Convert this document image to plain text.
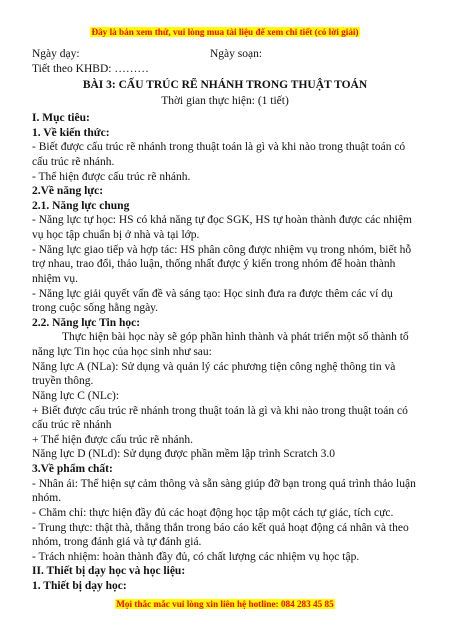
Đây là bản xem thử, vui lòng mua tài liệu để xem chi tiết (có lời giải)
Ngày dạy:	Ngày soạn:
Tiết theo KHBD: ………
BÀI 3: CẤU TRÚC RẼ NHÁNH TRONG THUẬT TOÁN
Thời gian thực hiện: (1 tiết)
I. Mục tiêu:
1. Về kiến thức:
- Biết được cấu trúc rẽ nhánh trong thuật toán là gì và khi nào trong thuật toán có
cấu trúc rẽ nhánh.
- Thể hiện được cấu trúc rẽ nhánh.
2.Về năng lực:
2.1. Năng lực chung
- Năng lực tự học: HS có khả năng tự đọc SGK, HS tự hoàn thành được các nhiệm
vụ học tập chuẩn bị ở nhà và tại lớp.
- Năng lực giao tiếp và hợp tác: HS phân công được nhiệm vụ trong nhóm, biết hỗ
trợ nhau, trao đổi, thảo luận, thống nhất được ý kiến trong nhóm để hoàn thành
nhiệm vụ.
- Năng lực giải quyết vấn đề và sáng tạo: Học sinh đưa ra được thêm các ví dụ
trong cuộc sống hằng ngày.
2.2. Năng lực Tin học:
Thực hiện bài học này sẽ góp phần hình thành và phát triển một số thành tố
năng lực Tin học của học sinh như sau:
Năng lực A (NLa): Sử dụng và quản lý các phương tiện công nghệ thông tin và
truyền thông.
Năng lực C (NLc):
+ Biết được cấu trúc rẽ nhánh trong thuật toán là gì và khi nào trong thuật toán có
cấu trúc rẽ nhánh
+ Thể hiện được cấu trúc rẽ nhánh.
Năng lực D (NLd): Sử dụng được phần mềm lập trình Scratch 3.0
3.Về phẩm chất:
- Nhân ái: Thể hiện sự cảm thông và sẵn sàng giúp đỡ bạn trong quá trình thảo luận
nhóm.
- Chăm chỉ: thực hiện đầy đủ các hoạt động học tập một cách tự giác, tích cực.
- Trung thực: thật thà, thẳng thắn trong báo cáo kết quả hoạt động cá nhân và theo
nhóm, trong đánh giá và tự đánh giá.
- Trách nhiệm: hoàn thành đầy đủ, có chất lượng các nhiệm vụ học tập.
Mọi thắc mắc vui lòng xin liên hệ hotline: 084 283 45 85
II. Thiết bị dạy học và học liệu:
1. Thiết bị dạy học:
